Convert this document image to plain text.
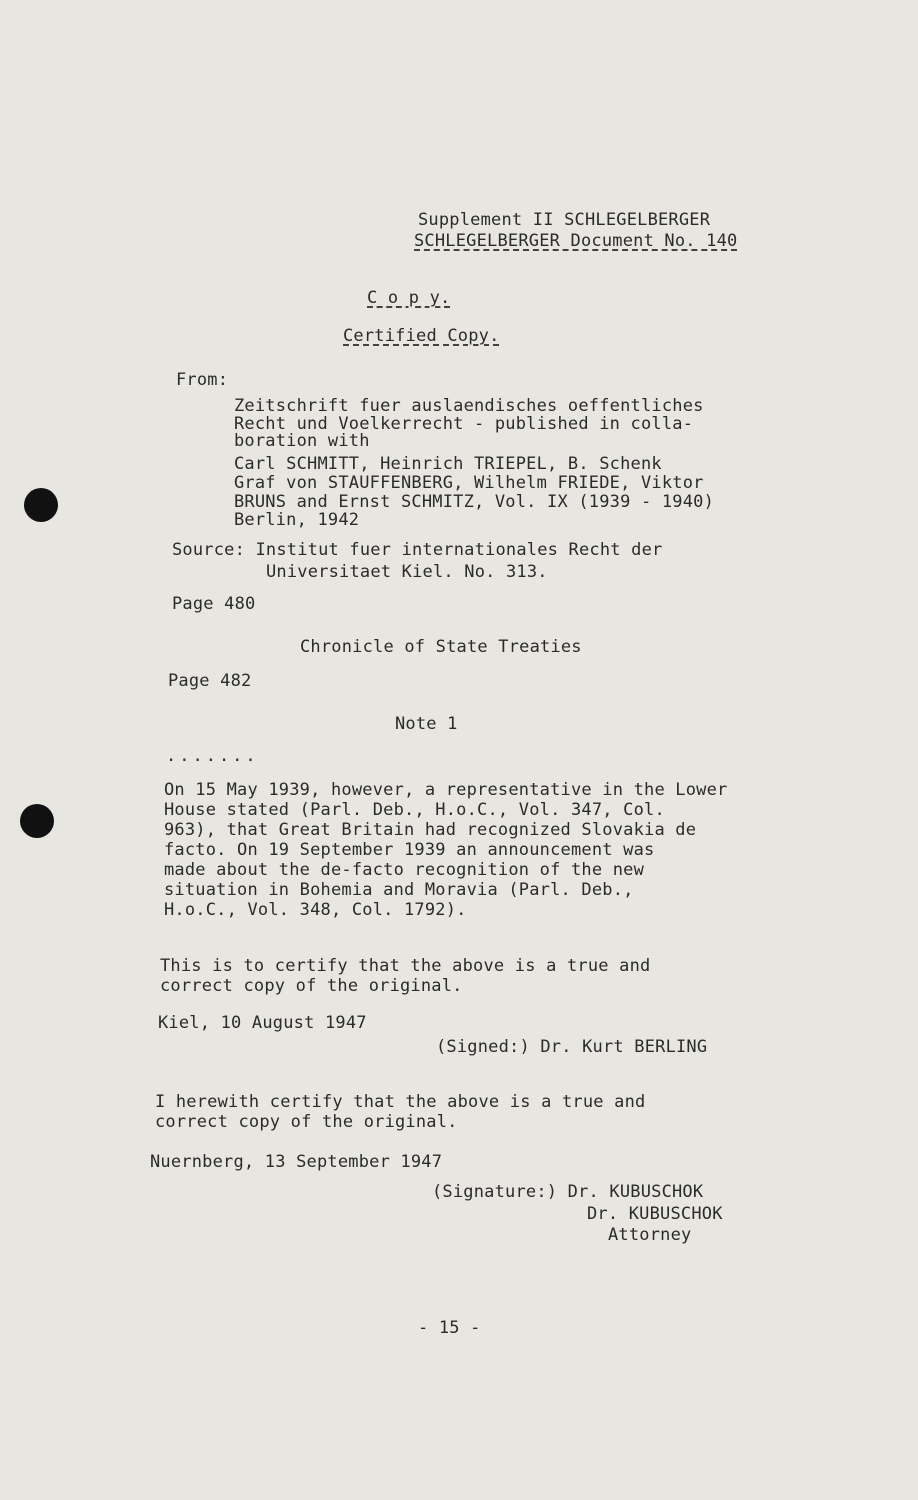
Supplement II SCHLEGELBERGER
SCHLEGELBERGER Document No. 140
C o p y.
Certified Copy.
From:
Zeitschrift fuer auslaendisches oeffentliches
Recht und Voelkerrecht - published in colla-
boration with
Carl SCHMITT, Heinrich TRIEPEL, B. Schenk
Graf von STAUFFENBERG, Wilhelm FRIEDE, Viktor
BRUNS and Ernst SCHMITZ, Vol. IX (1939 - 1940)
Berlin, 1942
Source: Institut fuer internationales Recht der
Universitaet Kiel. No. 313.
Page 480
Chronicle of State Treaties
Page 482
Note 1
.......
On 15 May 1939, however, a representative in the Lower
House stated (Parl. Deb., H.o.C., Vol. 347, Col.
963), that Great Britain had recognized Slovakia de
facto. On 19 September 1939 an announcement was
made about the de-facto recognition of the new
situation in Bohemia and Moravia (Parl. Deb.,
H.o.C., Vol. 348, Col. 1792).
This is to certify that the above is a true and
correct copy of the original.
Kiel, 10 August 1947
(Signed:) Dr. Kurt BERLING
I herewith certify that the above is a true and
correct copy of the original.
Nuernberg, 13 September 1947
(Signature:) Dr. KUBUSCHOK
Dr. KUBUSCHOK
Attorney
- 15 -
